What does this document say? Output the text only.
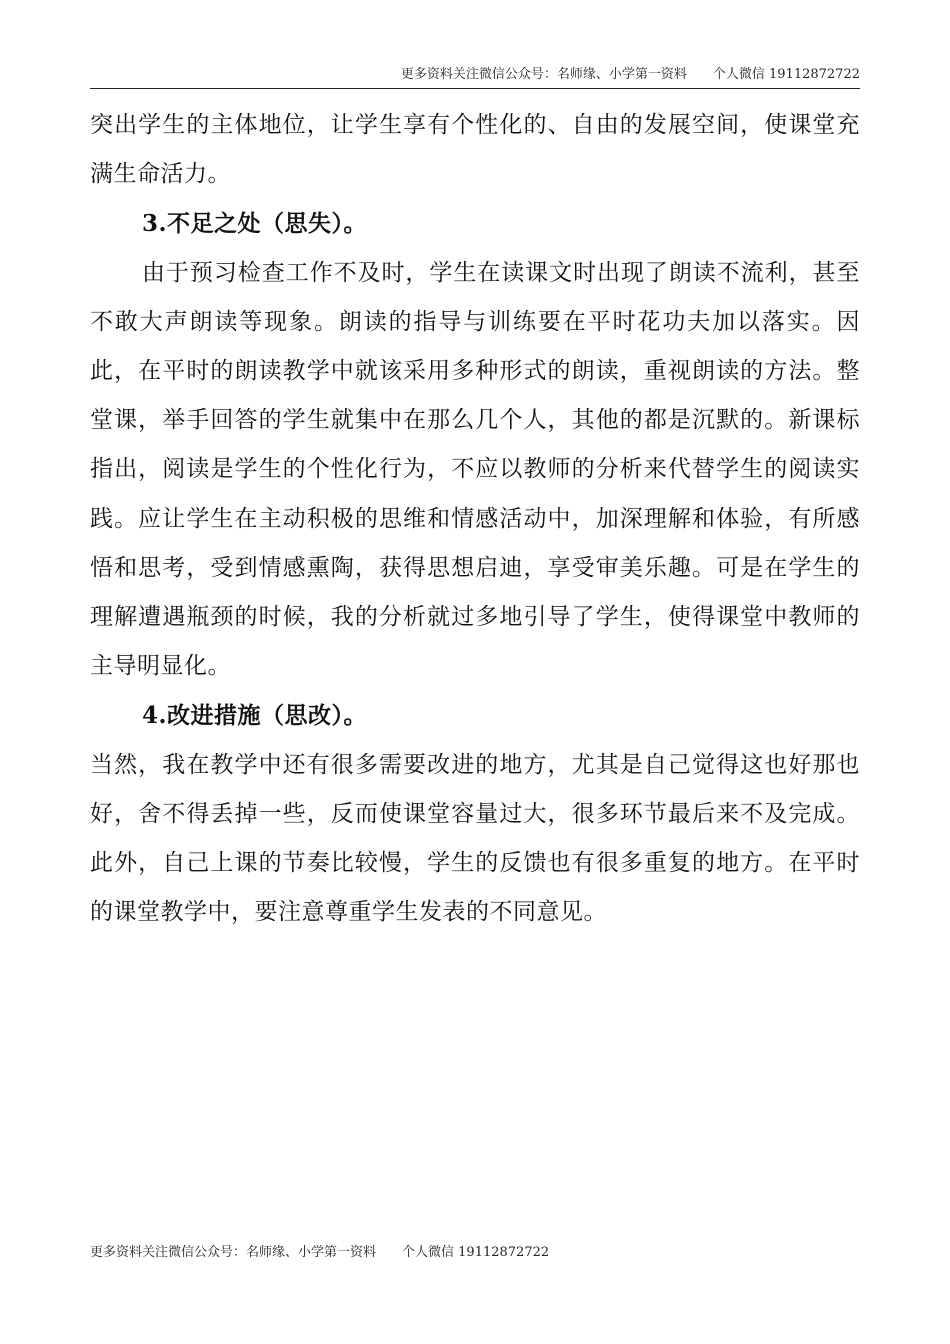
更多资料关注微信公众号：名师缘、小学第一资料 个人微信 19112872722

突出学生的主体地位，让学生享有个性化的、自由的发展空间，使课堂充满生命活力。

3.不足之处（思失）。

由于预习检查工作不及时，学生在读课文时出现了朗读不流利，甚至不敢大声朗读等现象。朗读的指导与训练要在平时花功夫加以落实。因此，在平时的朗读教学中就该采用多种形式的朗读，重视朗读的方法。整堂课，举手回答的学生就集中在那么几个人，其他的都是沉默的。新课标指出，阅读是学生的个性化行为，不应以教师的分析来代替学生的阅读实践。应让学生在主动积极的思维和情感活动中，加深理解和体验，有所感悟和思考，受到情感熏陶，获得思想启迪，享受审美乐趣。可是在学生的理解遭遇瓶颈的时候，我的分析就过多地引导了学生，使得课堂中教师的主导明显化。

4.改进措施（思改）。

当然，我在教学中还有很多需要改进的地方，尤其是自己觉得这也好那也好，舍不得丢掉一些，反而使课堂容量过大，很多环节最后来不及完成。此外，自己上课的节奏比较慢，学生的反馈也有很多重复的地方。在平时的课堂教学中，要注意尊重学生发表的不同意见。

更多资料关注微信公众号：名师缘、小学第一资料 个人微信 19112872722
